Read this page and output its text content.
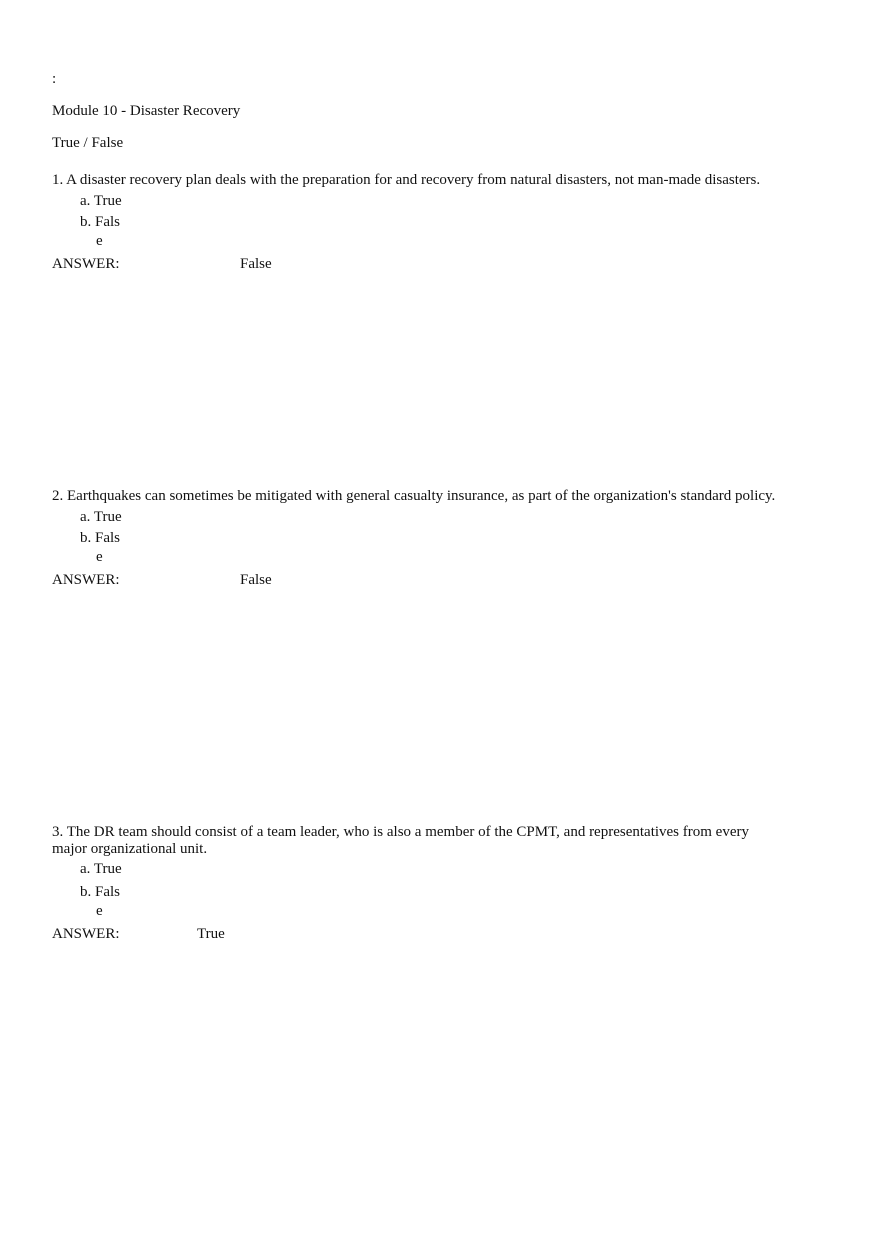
:
Module 10 - Disaster Recovery
True / False
1. A disaster recovery plan deals with the preparation for and recovery from natural disasters, not man-made disasters.
a. True
b. Fals
e
ANSWER:	False
2. Earthquakes can sometimes be mitigated with general casualty insurance, as part of the organization's standard policy.
a. True
b. Fals
e
ANSWER:	False
3. The DR team should consist of a team leader, who is also a member of the CPMT, and representatives from every
major organizational unit.
a. True
b. Fals
e
ANSWER:	True
